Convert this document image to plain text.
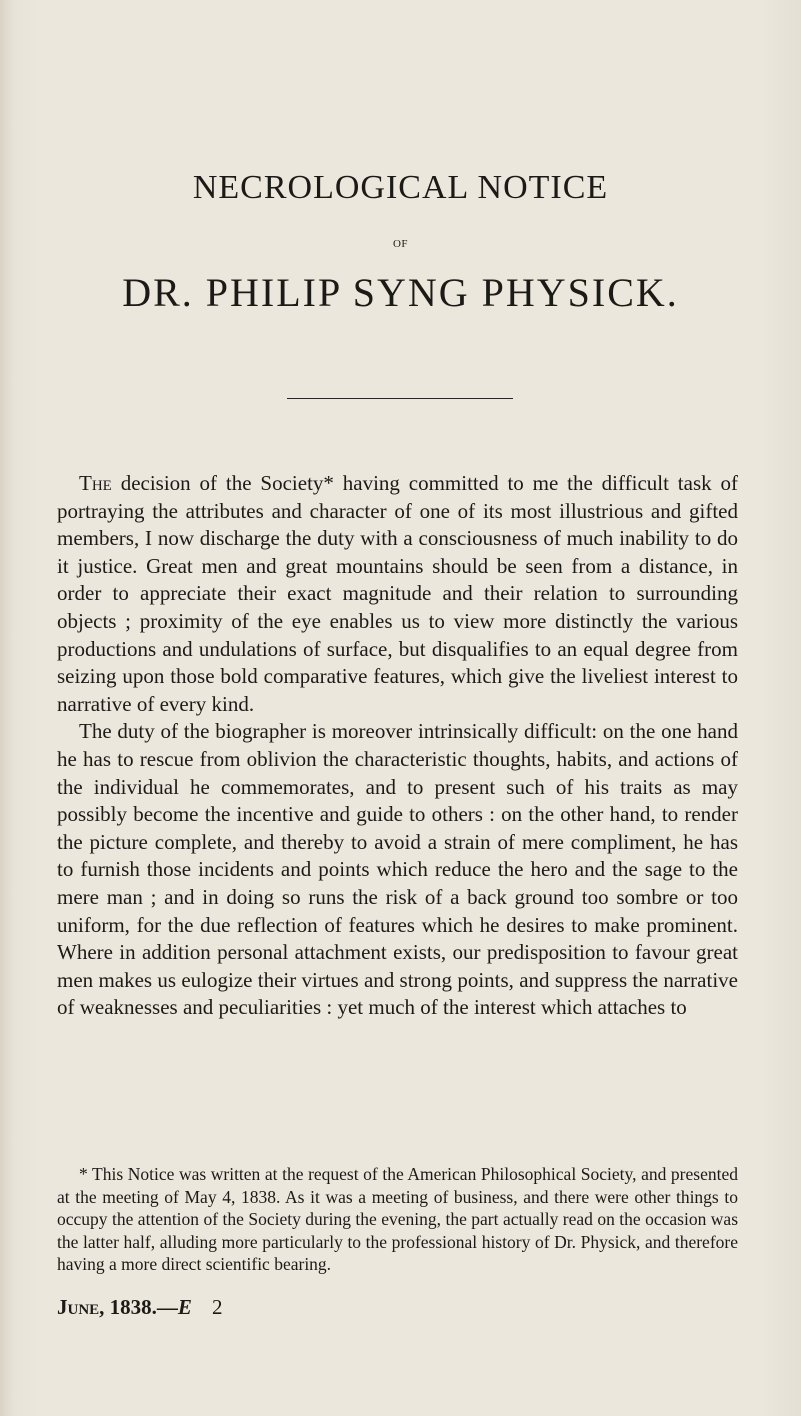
NECROLOGICAL NOTICE
OF
DR. PHILIP SYNG PHYSICK.

The decision of the Society* having committed to me the difficult task of portraying the attributes and character of one of its most illustrious and gifted members, I now discharge the duty with a consciousness of much inability to do it justice. Great men and great mountains should be seen from a distance, in order to appreciate their exact magnitude and their relation to surrounding objects ; proximity of the eye enables us to view more distinctly the various productions and undulations of surface, but disqualifies to an equal degree from seizing upon those bold comparative features, which give the liveliest interest to narrative of every kind.

The duty of the biographer is moreover intrinsically difficult: on the one hand he has to rescue from oblivion the characteristic thoughts, habits, and actions of the individual he commemorates, and to present such of his traits as may possibly become the incentive and guide to others : on the other hand, to render the picture complete, and thereby to avoid a strain of mere compliment, he has to furnish those incidents and points which reduce the hero and the sage to the mere man ; and in doing so runs the risk of a back ground too sombre or too uniform, for the due reflection of features which he desires to make prominent. Where in addition personal attachment exists, our predisposition to favour great men makes us eulogize their virtues and strong points, and suppress the narrative of weaknesses and peculiarities : yet much of the interest which attaches to

* This Notice was written at the request of the American Philosophical Society, and presented at the meeting of May 4, 1838. As it was a meeting of business, and there were other things to occupy the attention of the Society during the evening, the part actually read on the occasion was the latter half, alluding more particularly to the professional history of Dr. Physick, and therefore having a more direct scientific bearing.

June, 1838.—E 2
